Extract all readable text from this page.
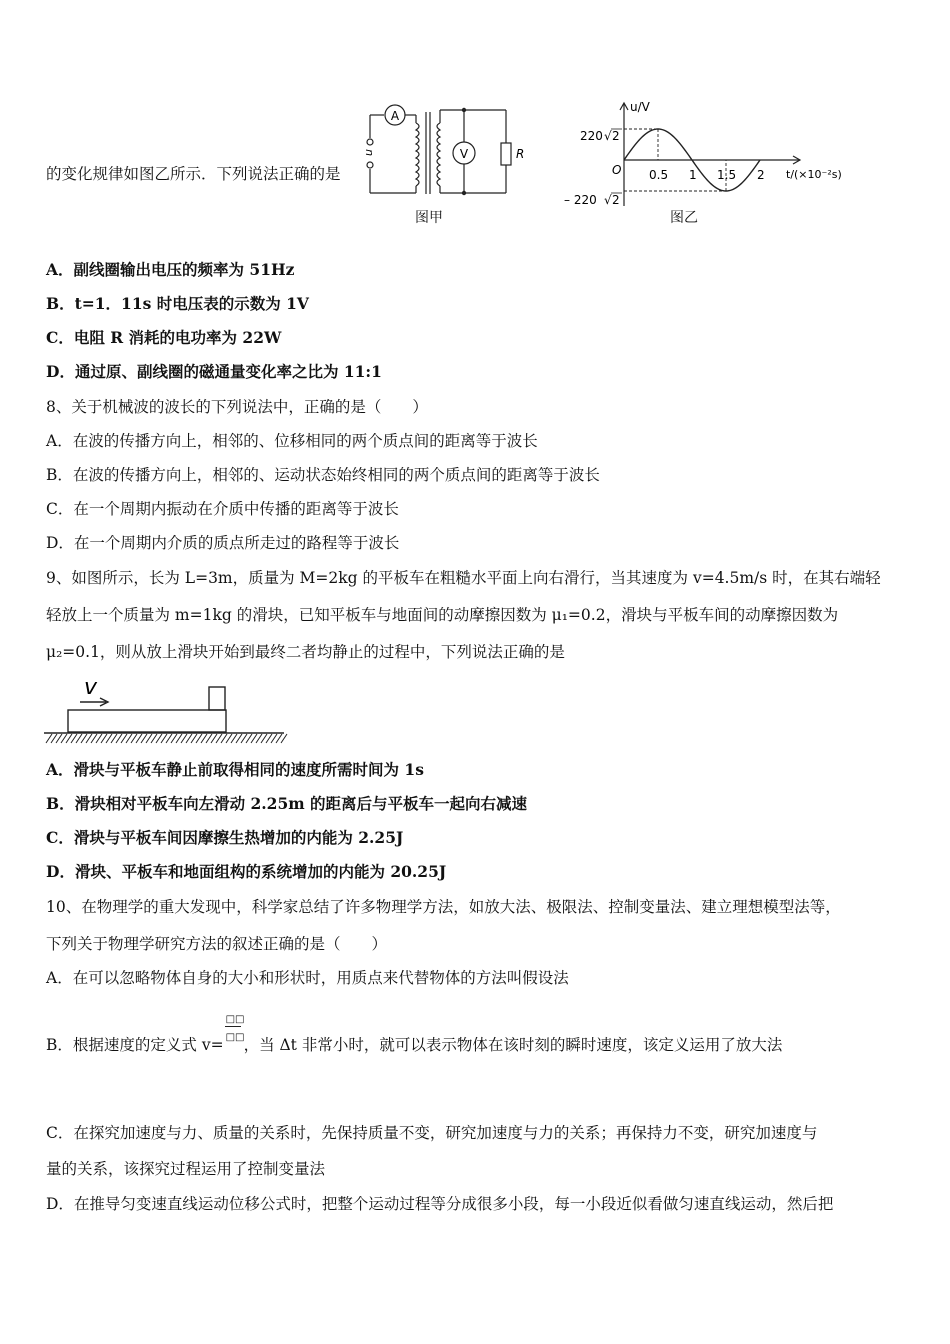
的变化规律如图乙所示．下列说法正确的是
A
V
u	R
图甲
0.5 1 1.5 2
220 √ 2
– 220 √ 2
O
u/V
t/(×10⁻²s)
图乙
A．副线圈输出电压的频率为 51Hz
B．t=1．11s 时电压表的示数为 1V
C．电阻 R 消耗的电功率为 22W
D．通过原、副线圈的磁通量变化率之比为 11:1
8、关于机械波的波长的下列说法中，正确的是（　　）
A．在波的传播方向上，相邻的、位移相同的两个质点间的距离等于波长
B．在波的传播方向上，相邻的、运动状态始终相同的两个质点间的距离等于波长
C．在一个周期内振动在介质中传播的距离等于波长
D．在一个周期内介质的质点所走过的路程等于波长
9、如图所示，长为 L=3m，质量为 M=2kg 的平板车在粗糙水平面上向右滑行，当其速度为 v=4.5m/s 时，在其右端轻
轻放上一个质量为 m=1kg 的滑块，已知平板车与地面间的动摩擦因数为 μ₁=0.2，滑块与平板车间的动摩擦因数为
μ₂=0.1，则从放上滑块开始到最终二者均静止的过程中，下列说法正确的是
v
A．滑块与平板车静止前取得相同的速度所需时间为 1s
B．滑块相对平板车向左滑动 2.25m 的距离后与平板车一起向右减速
C．滑块与平板车间因摩擦生热增加的内能为 2.25J
D．滑块、平板车和地面组构的系统增加的内能为 20.25J
10、在物理学的重大发现中，科学家总结了许多物理学方法，如放大法、极限法、控制变量法、建立理想模型法等，
下列关于物理学研究方法的叙述正确的是（　　）
A．在可以忽略物体自身的大小和形状时，用质点来代替物体的方法叫假设法
B．根据速度的定义式 v=
□□
□□ ，当 Δt 非常小时，就可以表示物体在该时刻的瞬时速度，该定义运用了放大法
C．在探究加速度与力、质量的关系时，先保持质量不变，研究加速度与力的关系；再保持力不变，研究加速度与
量的关系，该探究过程运用了控制变量法
D．在推导匀变速直线运动位移公式时，把整个运动过程等分成很多小段，每一小段近似看做匀速直线运动，然后把
